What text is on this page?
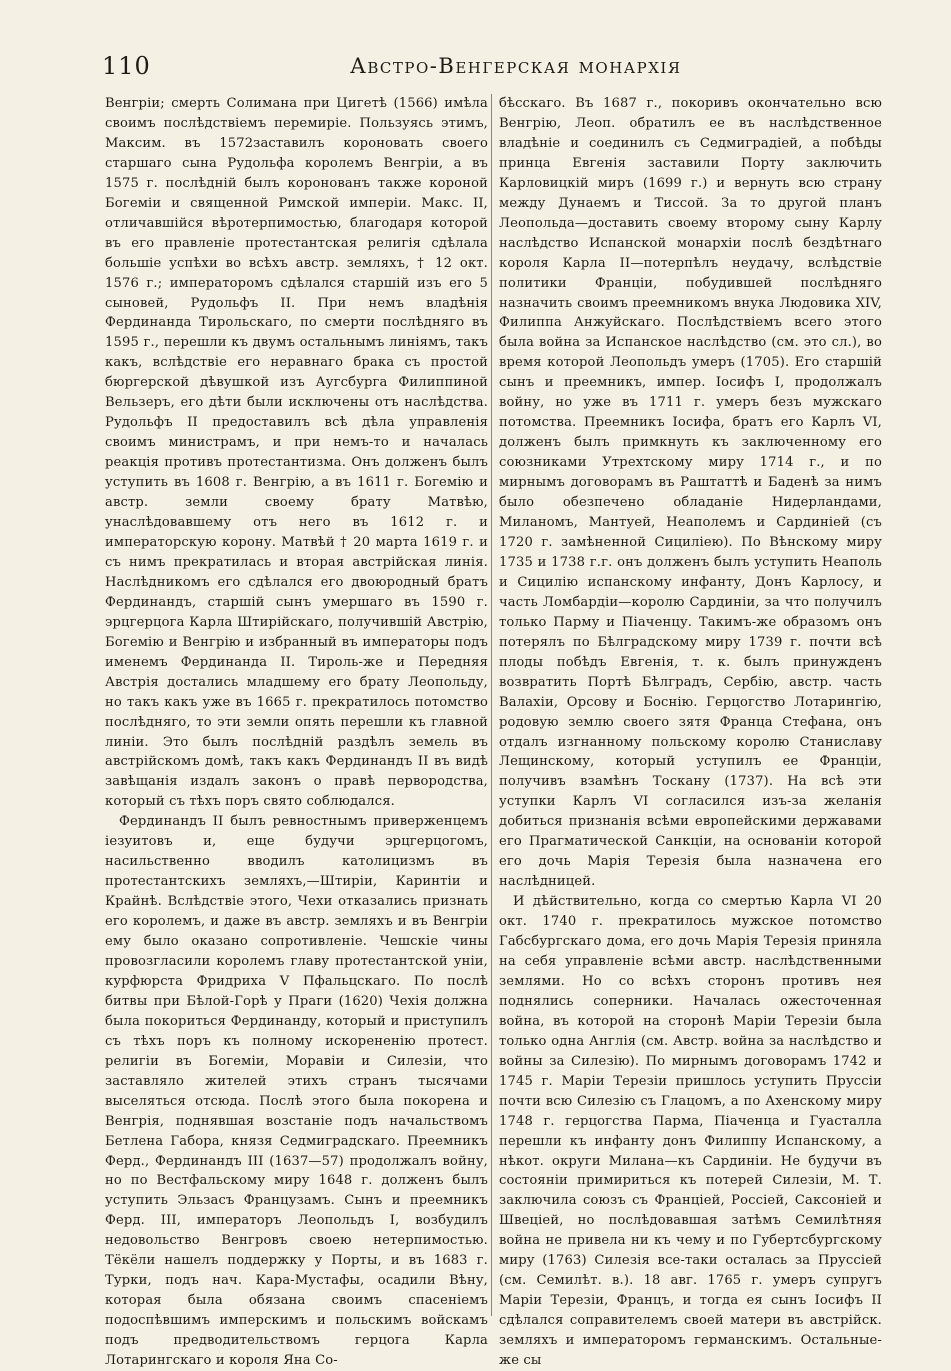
110	Австро-Венгерская монархія

Венгріи; смерть Солимана при Цигетѣ (1566) имѣла своимъ послѣдствіемъ перемиріе. Пользуясь этимъ, Максим. въ 1572заставилъ короновать своего старшаго сына Рудольфа королемъ Венгріи, а въ 1575 г. послѣдній былъ коронованъ также короной Богеміи и священной Римской имперіи. Макс. II, отличавшійся вѣротерпимостью, благодаря которой въ его правленіе протестантская религія сдѣлала большіе успѣхи во всѣхъ австр. земляхъ, † 12 окт. 1576 г.; императоромъ сдѣлался старшій изъ его 5 сыновей, Рудольфъ II. При немъ владѣнія Фердинанда Тирольскаго, по смерти послѣдняго въ 1595 г., перешли къ двумъ остальнымъ линіямъ, такъ какъ, вслѣдствіе его неравнаго брака съ простой бюргерской дѣвушкой изъ Аугсбурга Филиппиной Вельзеръ, его дѣти были исключены отъ наслѣдства. Рудольфъ II предоставилъ всѣ дѣла управленія своимъ министрамъ, и при немъ-то и началась реакція противъ протестантизма. Онъ долженъ былъ уступить въ 1608 г. Венгрію, а въ 1611 г. Богемію и австр. земли своему брату Матвѣю, унаслѣдовавшему отъ него въ 1612 г. и императорскую корону. Матвѣй † 20 марта 1619 г. и съ нимъ прекратилась и вторая австрійская линія. Наслѣдникомъ его сдѣлался его двоюродный братъ Фердинандъ, старшій сынъ умершаго въ 1590 г. эрцгерцога Карла Штирійскаго, получившій Австрію, Богемію и Венгрію и избранный въ императоры подъ именемъ Фердинанда II. Тироль-же и Передняя Австрія достались младшему его брату Леопольду, но такъ какъ уже въ 1665 г. прекратилось потомство послѣдняго, то эти земли опять перешли къ главной линіи. Это былъ послѣдній раздѣлъ земель въ австрійскомъ домѣ, такъ какъ Фердинандъ II въ видѣ завѣщанія издалъ законъ о правѣ первородства, который съ тѣхъ поръ свято соблюдался.

Фердинандъ II былъ ревностнымъ приверженцемъ іезуитовъ и, еще будучи эрцгерцогомъ, насильственно вводилъ католицизмъ въ протестантскихъ земляхъ,—Штиріи, Каринтіи и Крайнѣ. Вслѣдствіе этого, Чехи отказались признать его королемъ, и даже въ австр. земляхъ и въ Венгріи ему было оказано сопротивленіе. Чешскіе чины провозгласили королемъ главу протестантской уніи, курфюрста Фридриха V Пфальцскаго. По послѣ битвы при Бѣлой-Горѣ у Праги (1620) Чехія должна была покориться Фердинанду, который и приступилъ съ тѣхъ поръ къ полному искорененію протест. религіи въ Богеміи, Моравіи и Силезіи, что заставляло жителей этихъ странъ тысячами выселяться отсюда. Послѣ этого была покорена и Венгрія, поднявшая возстаніе подъ начальствомъ Бетлена Габора, князя Седмиградскаго. Преемникъ Ферд., Фердинандъ III (1637—57) продолжалъ войну, но по Вестфальскому миру 1648 г. долженъ былъ уступить Эльзасъ Французамъ. Сынъ и преемникъ Ферд. III, императоръ Леопольдъ I, возбудилъ недовольство Венгровъ своею нетерпимостью. Тёкёли нашелъ поддержку у Порты, и въ 1683 г. Турки, подъ нач. Кара-Мустафы, осадили Вѣну, которая была обязана своимъ спасеніемъ подоспѣвшимъ имперскимъ и польскимъ войскамъ подъ предводительствомъ герцога Карла Лотарингскаго и короля Яна Со-

бѣсскаго. Въ 1687 г., покоривъ окончательно всю Венгрію, Леоп. обратилъ ее въ наслѣдственное владѣніе и соединилъ съ Седмиградіей, а побѣды принца Евгенія заставили Порту заключить Карловицкій миръ (1699 г.) и вернуть всю страну между Дунаемъ и Тиссой. За то другой планъ Леопольда—доставить своему второму сыну Карлу наслѣдство Испанской монархіи послѣ бездѣтнаго короля Карла II—потерпѣлъ неудачу, вслѣдствіе политики Франціи, побудившей послѣдняго назначить своимъ преемникомъ внука Людовика XIV, Филиппа Анжуйскаго. Послѣдствіемъ всего этого была война за Испанское наслѣдство (см. это сл.), во время которой Леопольдъ умеръ (1705). Его старшій сынъ и преемникъ, импер. Іосифъ I, продолжалъ войну, но уже въ 1711 г. умеръ безъ мужскаго потомства. Преемникъ Іосифа, братъ его Карлъ VI, долженъ былъ примкнуть къ заключенному его союзниками Утрехтскому миру 1714 г., и по мирнымъ договорамъ въ Раштаттѣ и Баденѣ за нимъ было обезпечено обладаніе Нидерландами, Миланомъ, Мантуей, Неаполемъ и Сардиніей (съ 1720 г. замѣненной Сициліею). По Вѣнскому миру 1735 и 1738 г.г. онъ долженъ былъ уступить Неаполь и Сицилію испанскому инфанту, Донъ Карлосу, и часть Ломбардіи—королю Сардиніи, за что получилъ только Парму и Піаченцу. Такимъ-же образомъ онъ потерялъ по Бѣлградскому миру 1739 г. почти всѣ плоды побѣдъ Евгенія, т. к. былъ принужденъ возвратить Портѣ Бѣлградъ, Сербію, австр. часть Валахіи, Орсову и Боснію. Герцогство Лотарингію, родовую землю своего зятя Франца Стефана, онъ отдалъ изгнанному польскому королю Станиславу Лещинскому, который уступилъ ее Франціи, получивъ взамѣнъ Тоскану (1737). На всѣ эти уступки Карлъ VI согласился изъ-за желанія добиться признанія всѣми европейскими державами его Прагматической Санкціи, на основаніи которой его дочь Марія Терезія была назначена его наслѣдницей.

И дѣйствительно, когда со смертью Карла VI 20 окт. 1740 г. прекратилось мужское потомство Габсбургскаго дома, его дочь Марія Терезія приняла на себя управленіе всѣми австр. наслѣдственными землями. Но со всѣхъ сторонъ противъ нея поднялись соперники. Началась ожесточенная война, въ которой на сторонѣ Маріи Терезіи была только одна Англія (см. Австр. война за наслѣдство и войны за Силезію). По мирнымъ договорамъ 1742 и 1745 г. Маріи Терезіи пришлось уступить Пруссіи почти всю Силезію съ Глацомъ, а по Ахенскому миру 1748 г. герцогства Парма, Піаченца и Гуасталла перешли къ инфанту донъ Филиппу Испанскому, а нѣкот. округи Милана—къ Сардиніи. Не будучи въ состояніи примириться къ потерей Силезіи, М. Т. заключила союзъ съ Франціей, Россіей, Саксоніей и Швеціей, но послѣдовавшая затѣмъ Семилѣтняя война не привела ни къ чему и по Губертсбургскому миру (1763) Силезія все-таки осталась за Пруссіей (см. Семилѣт. в.). 18 авг. 1765 г. умеръ супругъ Маріи Терезіи, Францъ, и тогда ея сынъ Іосифъ II сдѣлался соправителемъ своей матери въ австрійск. земляхъ и императоромъ германскимъ. Остальные-же сы
